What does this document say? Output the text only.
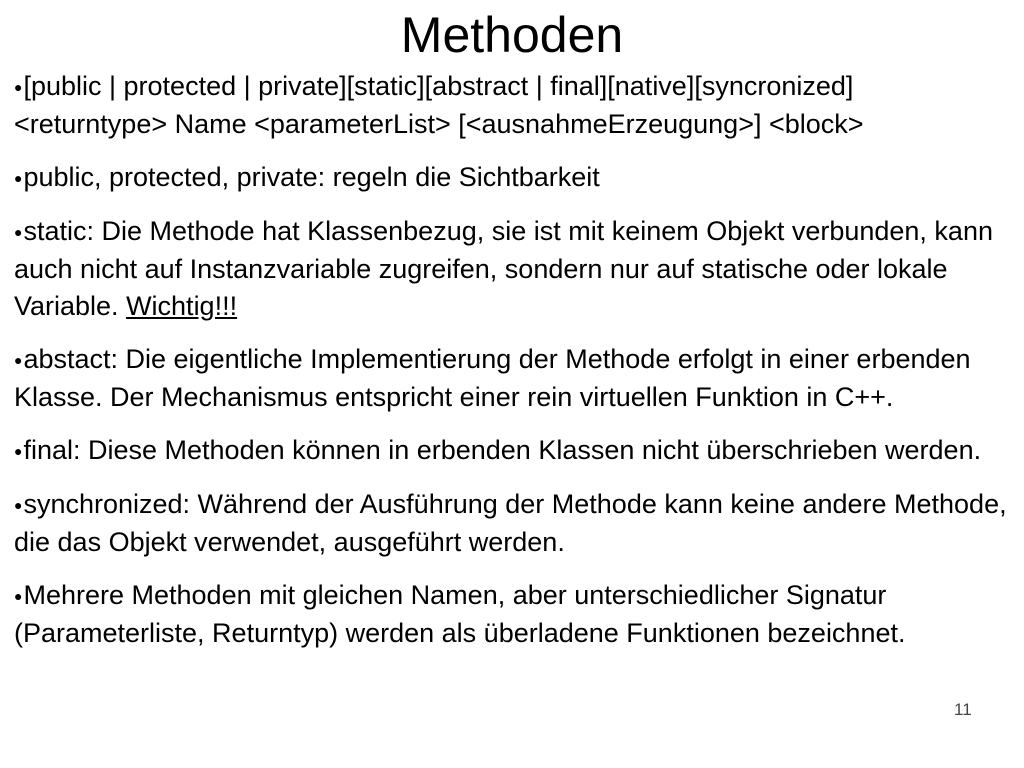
Methoden
●[public | protected | private][static][abstract | final][native][syncronized]
<returntype> Name <parameterList> [<ausnahmeErzeugung>] <block>
●public, protected, private: regeln die Sichtbarkeit
●static: Die Methode hat Klassenbezug, sie ist mit keinem Objekt verbunden, kann auch nicht auf Instanzvariable zugreifen, sondern nur auf statische oder lokale Variable. Wichtig!!!
●abstact: Die eigentliche Implementierung der Methode erfolgt in einer erbenden Klasse. Der Mechanismus entspricht einer rein virtuellen Funktion in C++.
●final: Diese Methoden können in erbenden Klassen nicht überschrieben werden.
●synchronized: Während der Ausführung der Methode kann keine andere Methode, die das Objekt verwendet, ausgeführt werden.
●Mehrere Methoden mit gleichen Namen, aber unterschiedlicher Signatur (Parameterliste, Returntyp) werden als überladene Funktionen bezeichnet.
11
